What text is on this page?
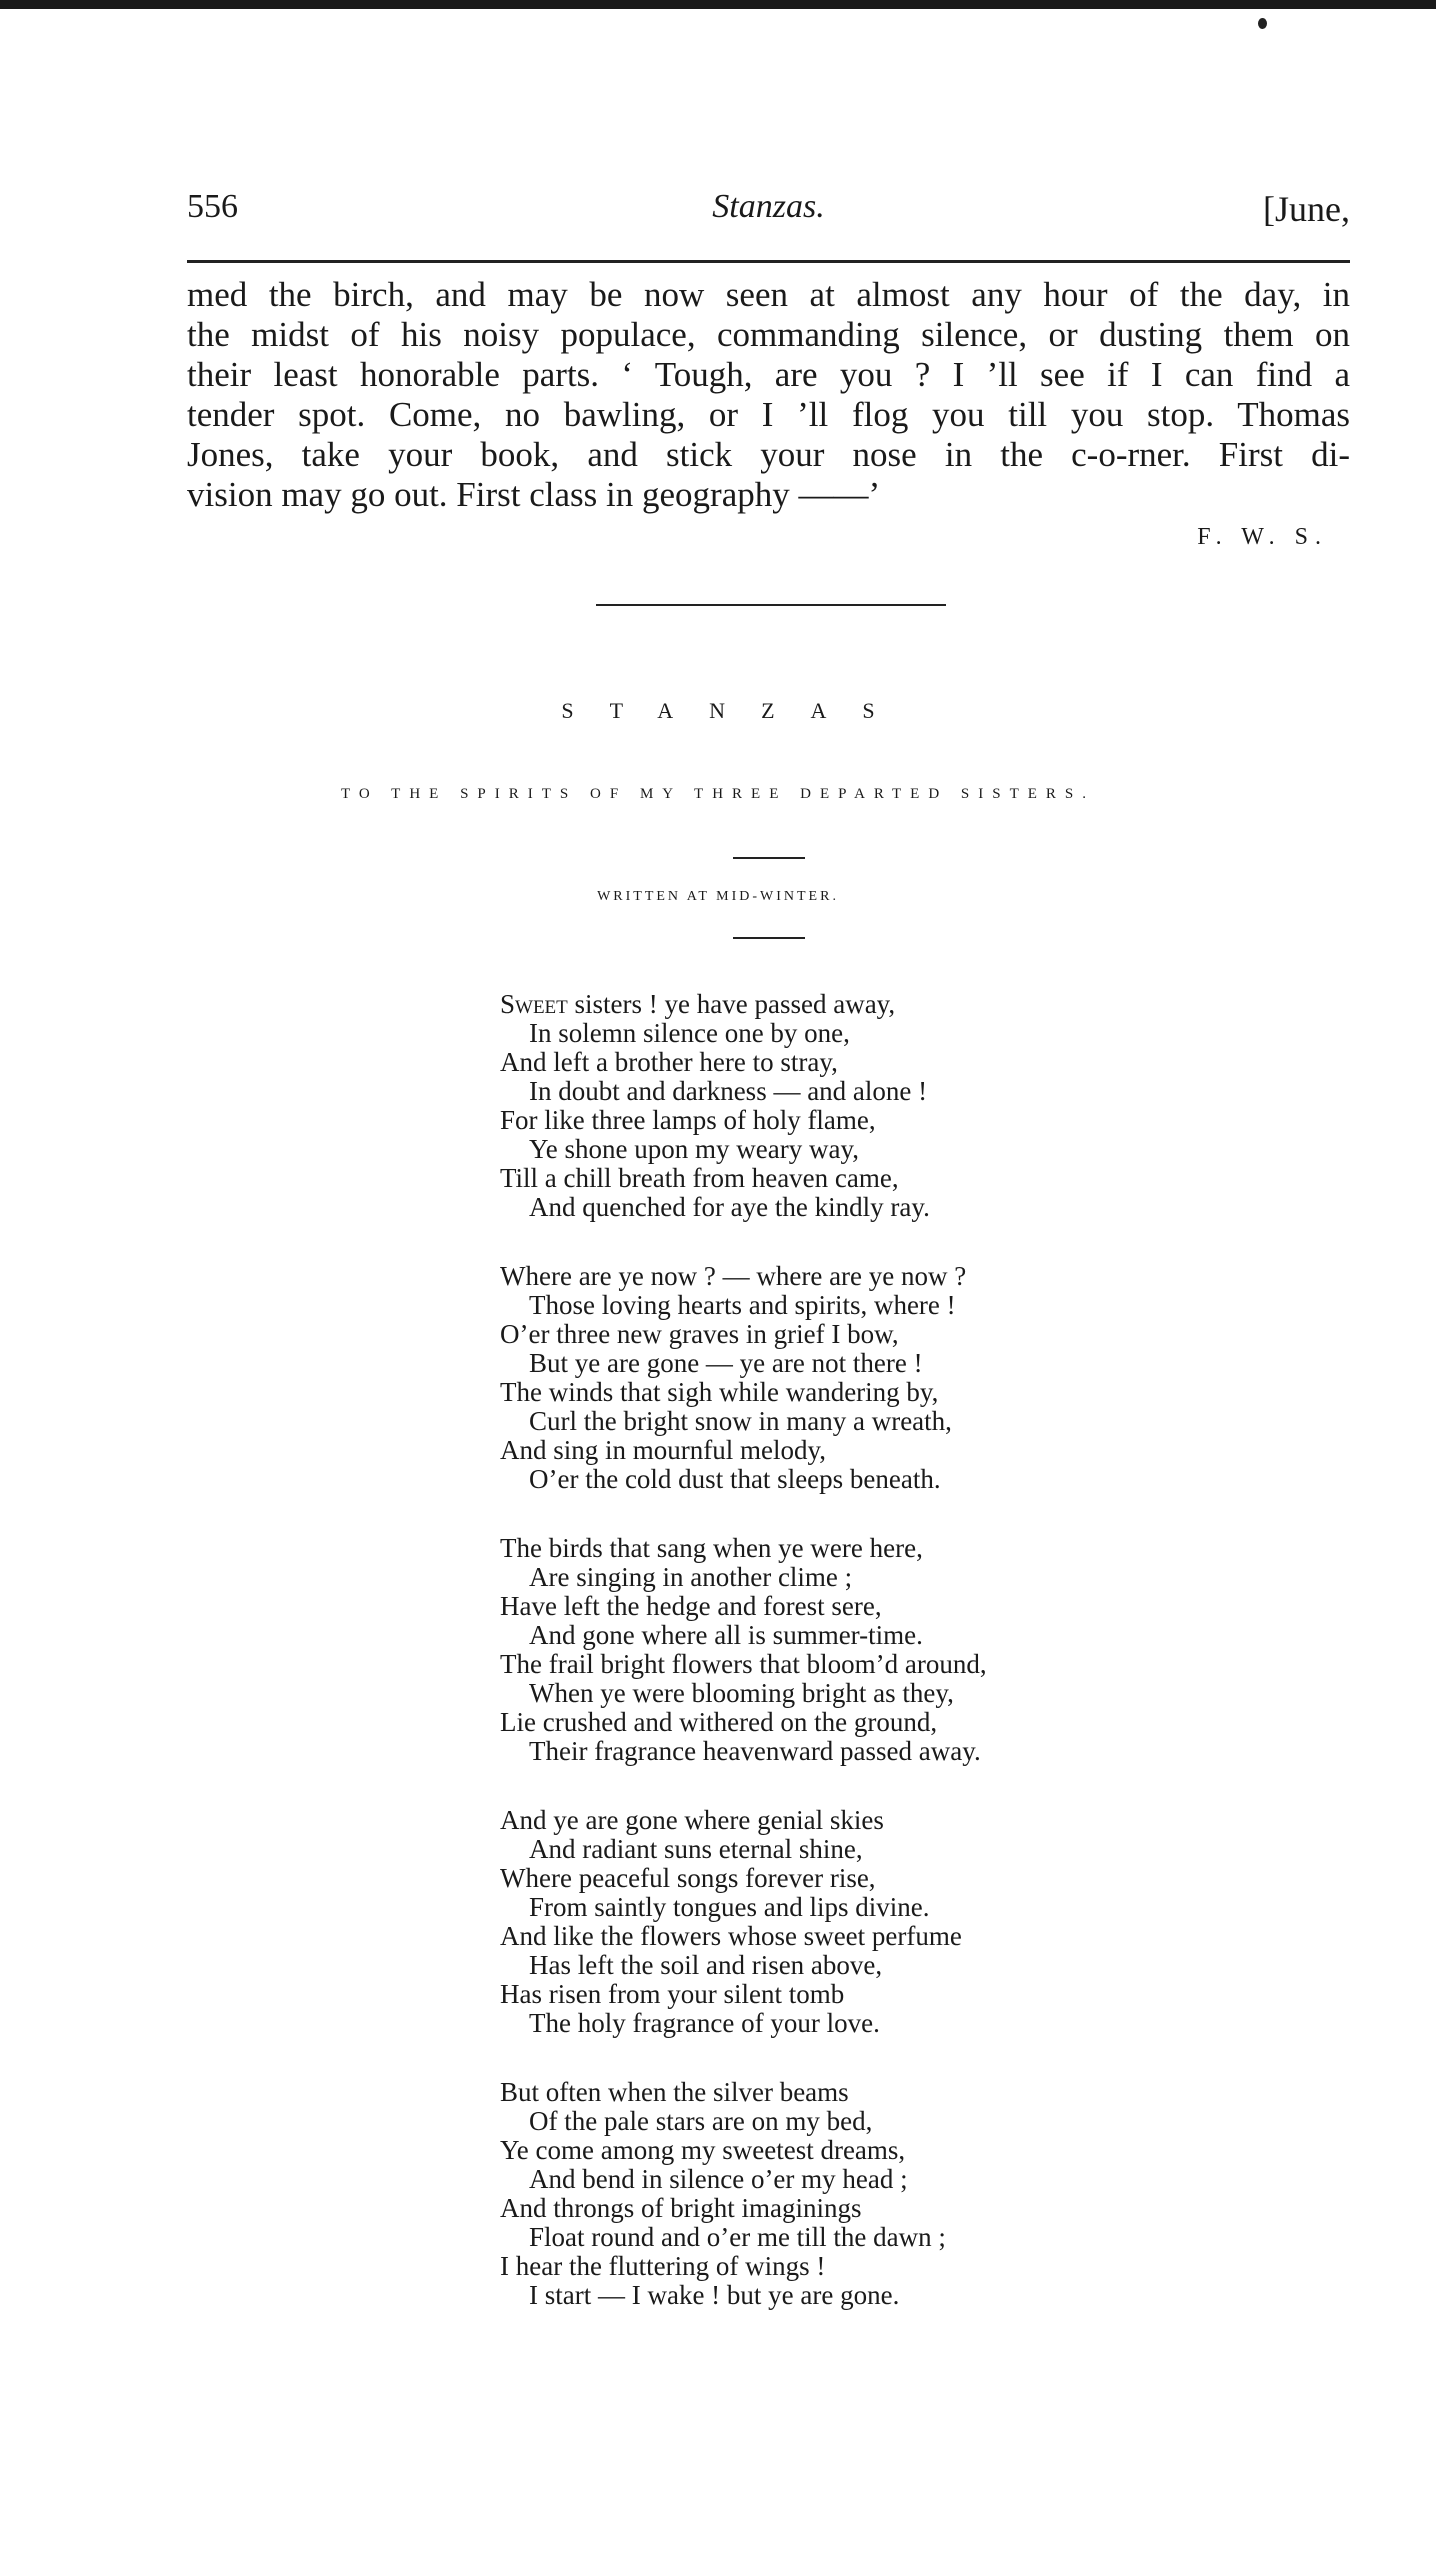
556	Stanzas.	[June,
med the birch, and may be now seen at almost any hour of the day, in
the midst of his noisy populace, commanding silence, or dusting them on
their least honorable parts. ‘ Tough, are you ? I ’ll see if I can find a
tender spot. Come, no bawling, or I ’ll flog you till you stop. Thomas
Jones, take your book, and stick your nose in the c-o-rner. First di-
vision may go out. First class in geography ——’
F. W. S.
STANZAS
TO THE SPIRITS OF MY THREE DEPARTED SISTERS.
WRITTEN AT MID-WINTER.
Sweet sisters ! ye have passed away,
In solemn silence one by one,
And left a brother here to stray,
In doubt and darkness — and alone !
For like three lamps of holy flame,
Ye shone upon my weary way,
Till a chill breath from heaven came,
And quenched for aye the kindly ray.
Where are ye now ? — where are ye now ?
Those loving hearts and spirits, where !
O’er three new graves in grief I bow,
But ye are gone — ye are not there !
The winds that sigh while wandering by,
Curl the bright snow in many a wreath,
And sing in mournful melody,
O’er the cold dust that sleeps beneath.
The birds that sang when ye were here,
Are singing in another clime ;
Have left the hedge and forest sere,
And gone where all is summer-time.
The frail bright flowers that bloom’d around,
When ye were blooming bright as they,
Lie crushed and withered on the ground,
Their fragrance heavenward passed away.
And ye are gone where genial skies
And radiant suns eternal shine,
Where peaceful songs forever rise,
From saintly tongues and lips divine.
And like the flowers whose sweet perfume
Has left the soil and risen above,
Has risen from your silent tomb
The holy fragrance of your love.
But often when the silver beams
Of the pale stars are on my bed,
Ye come among my sweetest dreams,
And bend in silence o’er my head ;
And throngs of bright imaginings
Float round and o’er me till the dawn ;
I hear the fluttering of wings !
I start — I wake ! but ye are gone.
